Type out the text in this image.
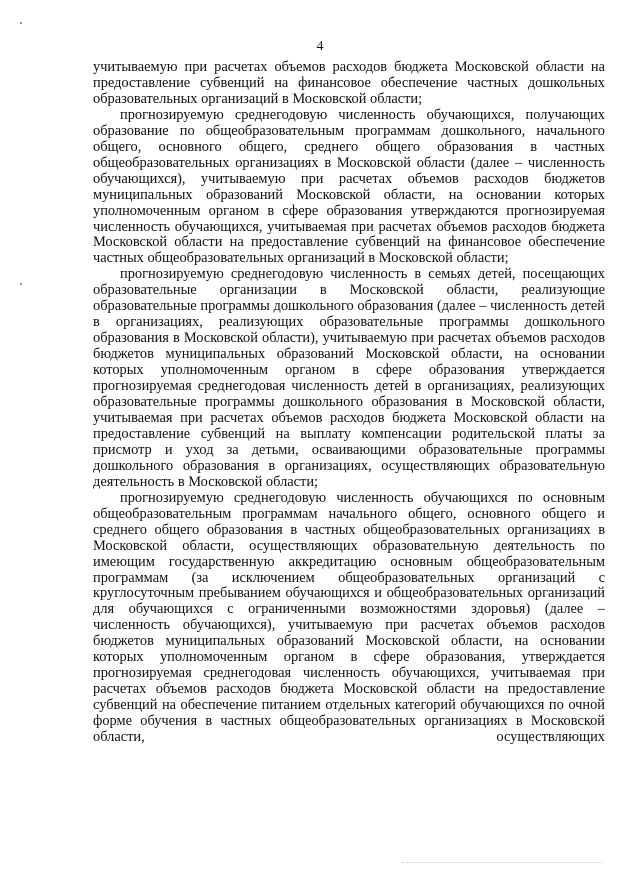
4

учитываемую при расчетах объемов расходов бюджета Московской области на предоставление субвенций на финансовое обеспечение частных дошкольных образовательных организаций в Московской области;

прогнозируемую среднегодовую численность обучающихся, получающих образование по общеобразовательным программам дошкольного, начального общего, основного общего, среднего общего образования в частных общеобразовательных организациях в Московской области (далее – численность обучающихся), учитываемую при расчетах объемов расходов бюджетов муниципальных образований Московской области, на основании которых уполномоченным органом в сфере образования утверждаются прогнозируемая численность обучающихся, учитываемая при расчетах объемов расходов бюджета Московской области на предоставление субвенций на финансовое обеспечение частных общеобразовательных организаций в Московской области;

прогнозируемую среднегодовую численность в семьях детей, посещающих образовательные организации в Московской области, реализующие образовательные программы дошкольного образования (далее – численность детей в организациях, реализующих образовательные программы дошкольного образования в Московской области), учитываемую при расчетах объемов расходов бюджетов муниципальных образований Московской области, на основании которых уполномоченным органом в сфере образования утверждается прогнозируемая среднегодовая численность детей в организациях, реализующих образовательные программы дошкольного образования в Московской области, учитываемая при расчетах объемов расходов бюджета Московской области на предоставление субвенций на выплату компенсации родительской платы за присмотр и уход за детьми, осваивающими образовательные программы дошкольного образования в организациях, осуществляющих образовательную деятельность в Московской области;

прогнозируемую среднегодовую численность обучающихся по основным общеобразовательным программам начального общего, основного общего и среднего общего образования в частных общеобразовательных организациях в Московской области, осуществляющих образовательную деятельность по имеющим государственную аккредитацию основным общеобразовательным программам (за исключением общеобразовательных организаций с круглосуточным пребыванием обучающихся и общеобразовательных организаций для обучающихся с ограниченными возможностями здоровья) (далее – численность обучающихся), учитываемую при расчетах объемов расходов бюджетов муниципальных образований Московской области, на основании которых уполномоченным органом в сфере образования, утверждается прогнозируемая среднегодовая численность обучающихся, учитываемая при расчетах объемов расходов бюджета Московской области на предоставление субвенций на обеспечение питанием отдельных категорий обучающихся по очной форме обучения в частных общеобразовательных организациях в Московской области, осуществляющих
